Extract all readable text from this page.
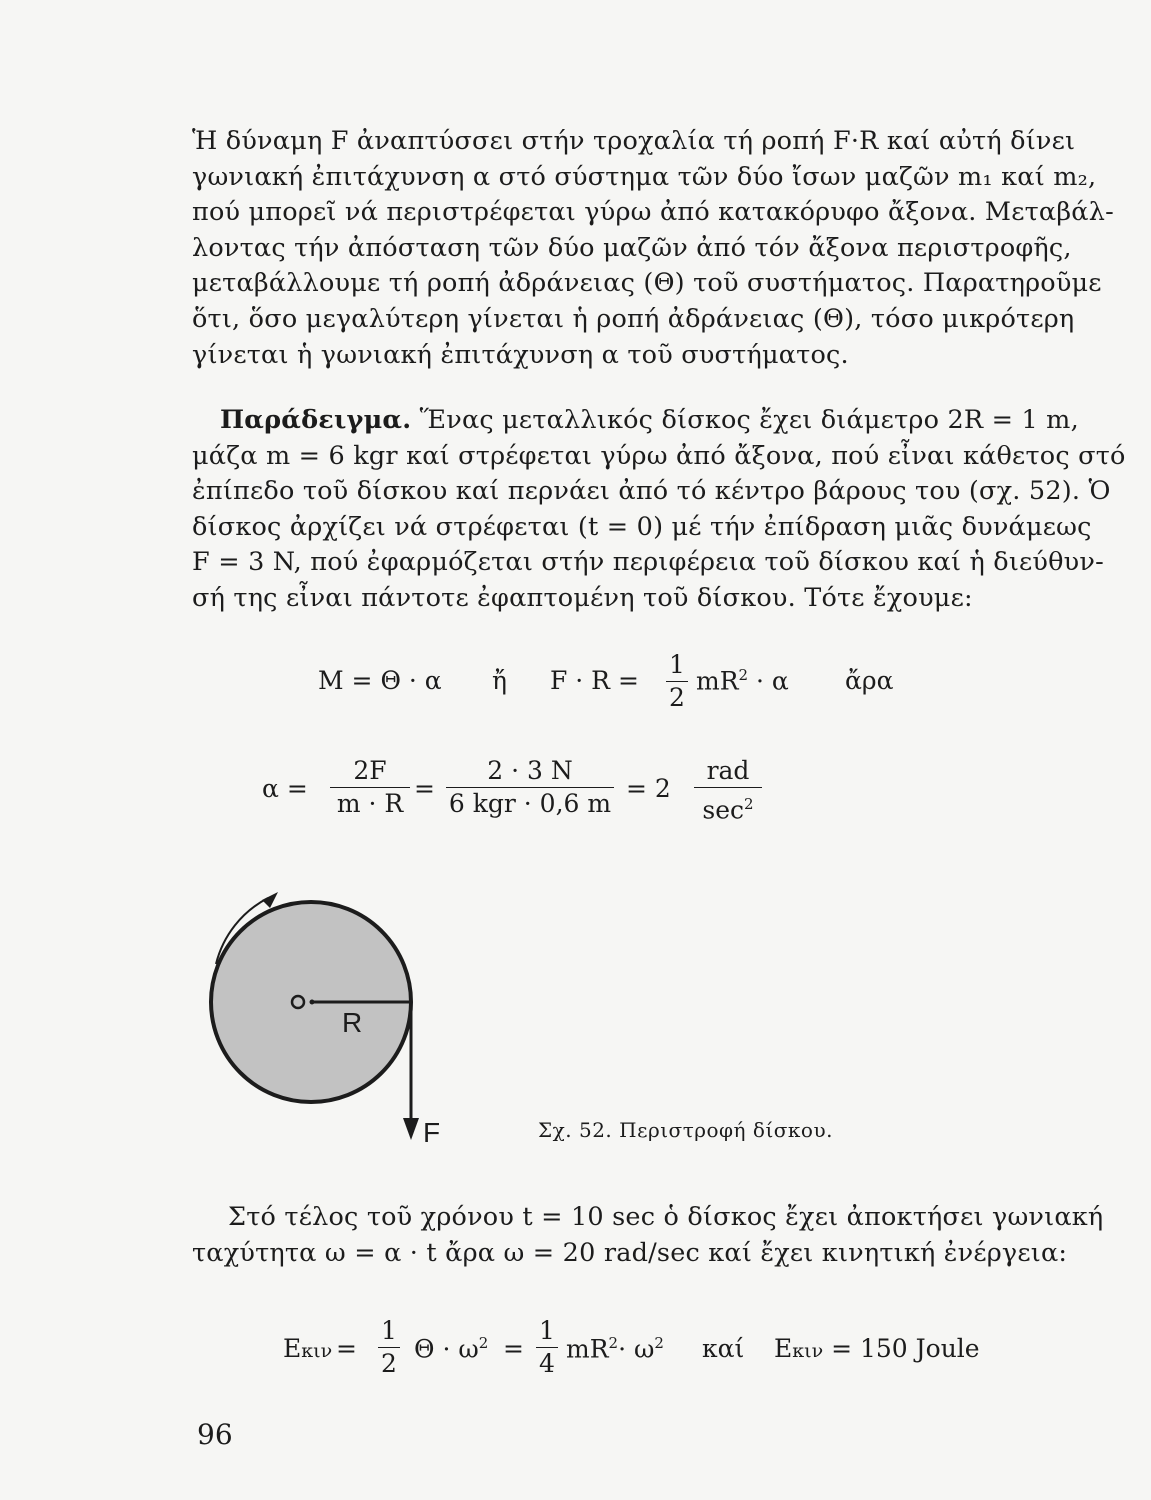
Ἡ δύναμη F ἀναπτύσσει στήν τροχαλία τή ροπή F·R καί αὐτή δίνει
γωνιακή ἐπιτάχυνση α στό σύστημα τῶν δύο ἴσων μαζῶν m₁ καί m₂,
πού μπορεῖ νά περιστρέφεται γύρω ἀπό κατακόρυφο ἄξονα. Μεταβάλ-
λοντας τήν ἀπόσταση τῶν δύο μαζῶν ἀπό τόν ἄξονα περιστροφῆς,
μεταβάλλουμε τή ροπή ἀδράνειας (Θ) τοῦ συστήματος. Παρατηροῦμε
ὅτι, ὅσο μεγαλύτερη γίνεται ἡ ροπή ἀδράνειας (Θ), τόσο μικρότερη
γίνεται ἡ γωνιακή ἐπιτάχυνση α τοῦ συστήματος.
Παράδειγμα. Ἕνας μεταλλικός δίσκος ἔχει διάμετρο 2R = 1 m,
μάζα m = 6 kgr καί στρέφεται γύρω ἀπό ἄξονα, πού εἶναι κάθετος στό
ἐπίπεδο τοῦ δίσκου καί περνάει ἀπό τό κέντρο βάρους του (σχ. 52). Ὁ
δίσκος ἀρχίζει νά στρέφεται (t = 0) μέ τήν ἐπίδραση μιᾶς δυνάμεως
F = 3 N, πού ἐφαρμόζεται στήν περιφέρεια τοῦ δίσκου καί ἡ διεύθυν-
σή της εἶναι πάντοτε ἐφαπτομένη τοῦ δίσκου. Τότε ἔχουμε:
M = Θ · α ἤ F · R =
1
2
$mR^2 \cdot \alpha$ ἄρα
α =
2F
m · R
=
2 · 3 N
6 kgr · 0,6 m
= 2
rad
$\sec^2$
R
F	Σχ. 52. Περιστροφή δίσκου.
Στό τέλος τοῦ χρόνου t = 10 sec ὁ δίσκος ἔχει ἀποκτήσει γωνιακή
ταχύτητα ω = α · t ἄρα ω = 20 rad/sec καί ἔχει κινητική ἐνέργεια:
Eκιν =
1
2
$\Theta \cdot \omega^2$ =
1
4
$mR^2\cdot \omega^2$ καί Eκιν = 150 Joule
96
